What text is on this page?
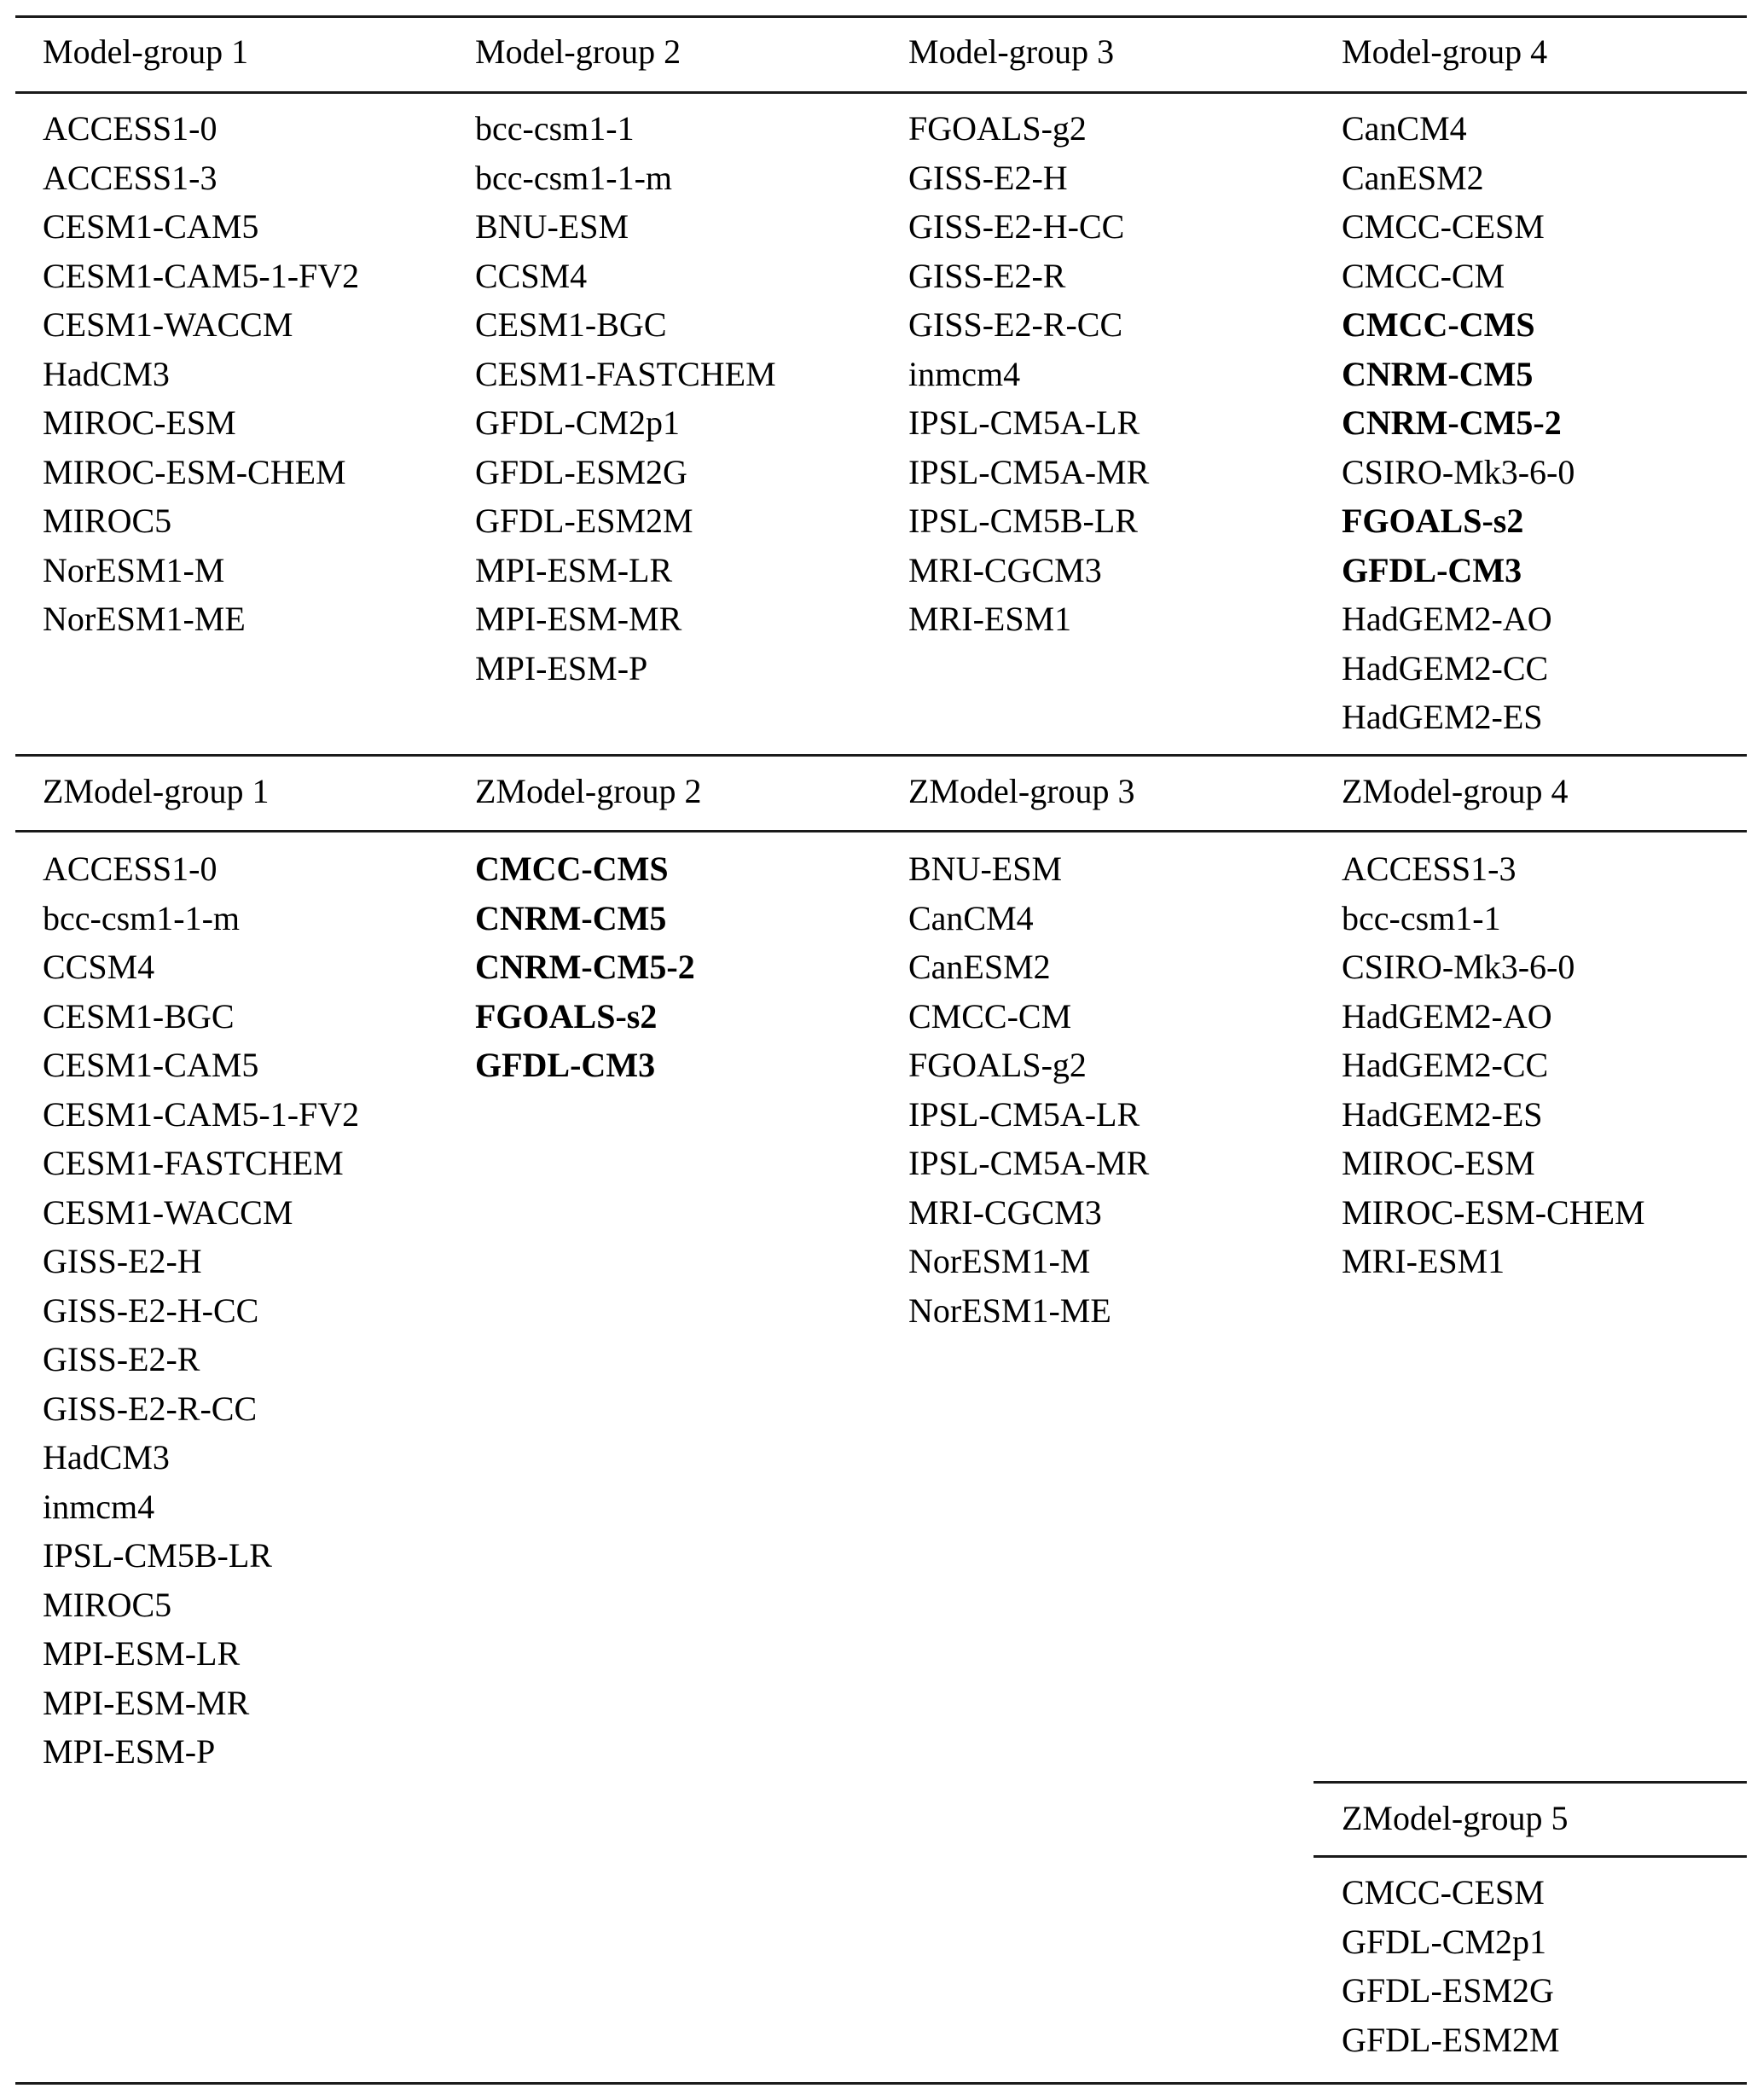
Model-group 1
ACCESS1-0
ACCESS1-3
CESM1-CAM5
CESM1-CAM5-1-FV2
CESM1-WACCM
HadCM3
MIROC-ESM
MIROC-ESM-CHEM
MIROC5
NorESM1-M
NorESM1-ME
Model-group 2
bcc-csm1-1
bcc-csm1-1-m
BNU-ESM
CCSM4
CESM1-BGC
CESM1-FASTCHEM
GFDL-CM2p1
GFDL-ESM2G
GFDL-ESM2M
MPI-ESM-LR
MPI-ESM-MR
MPI-ESM-P
Model-group 3
FGOALS-g2
GISS-E2-H
GISS-E2-H-CC
GISS-E2-R
GISS-E2-R-CC
inmcm4
IPSL-CM5A-LR
IPSL-CM5A-MR
IPSL-CM5B-LR
MRI-CGCM3
MRI-ESM1
Model-group 4
CanCM4
CanESM2
CMCC-CESM
CMCC-CM
CMCC-CMS
CNRM-CM5
CNRM-CM5-2
CSIRO-Mk3-6-0
FGOALS-s2
GFDL-CM3
HadGEM2-AO
HadGEM2-CC
HadGEM2-ES
ZModel-group 1
ACCESS1-0
bcc-csm1-1-m
CCSM4
CESM1-BGC
CESM1-CAM5
CESM1-CAM5-1-FV2
CESM1-FASTCHEM
CESM1-WACCM
GISS-E2-H
GISS-E2-H-CC
GISS-E2-R
GISS-E2-R-CC
HadCM3
inmcm4
IPSL-CM5B-LR
MIROC5
MPI-ESM-LR
MPI-ESM-MR
MPI-ESM-P
ZModel-group 2
CMCC-CMS
CNRM-CM5
CNRM-CM5-2
FGOALS-s2
GFDL-CM3
ZModel-group 3
BNU-ESM
CanCM4
CanESM2
CMCC-CM
FGOALS-g2
IPSL-CM5A-LR
IPSL-CM5A-MR
MRI-CGCM3
NorESM1-M
NorESM1-ME
ZModel-group 4
ACCESS1-3
bcc-csm1-1
CSIRO-Mk3-6-0
HadGEM2-AO
HadGEM2-CC
HadGEM2-ES
MIROC-ESM
MIROC-ESM-CHEM
MRI-ESM1
ZModel-group 5
CMCC-CESM
GFDL-CM2p1
GFDL-ESM2G
GFDL-ESM2M
